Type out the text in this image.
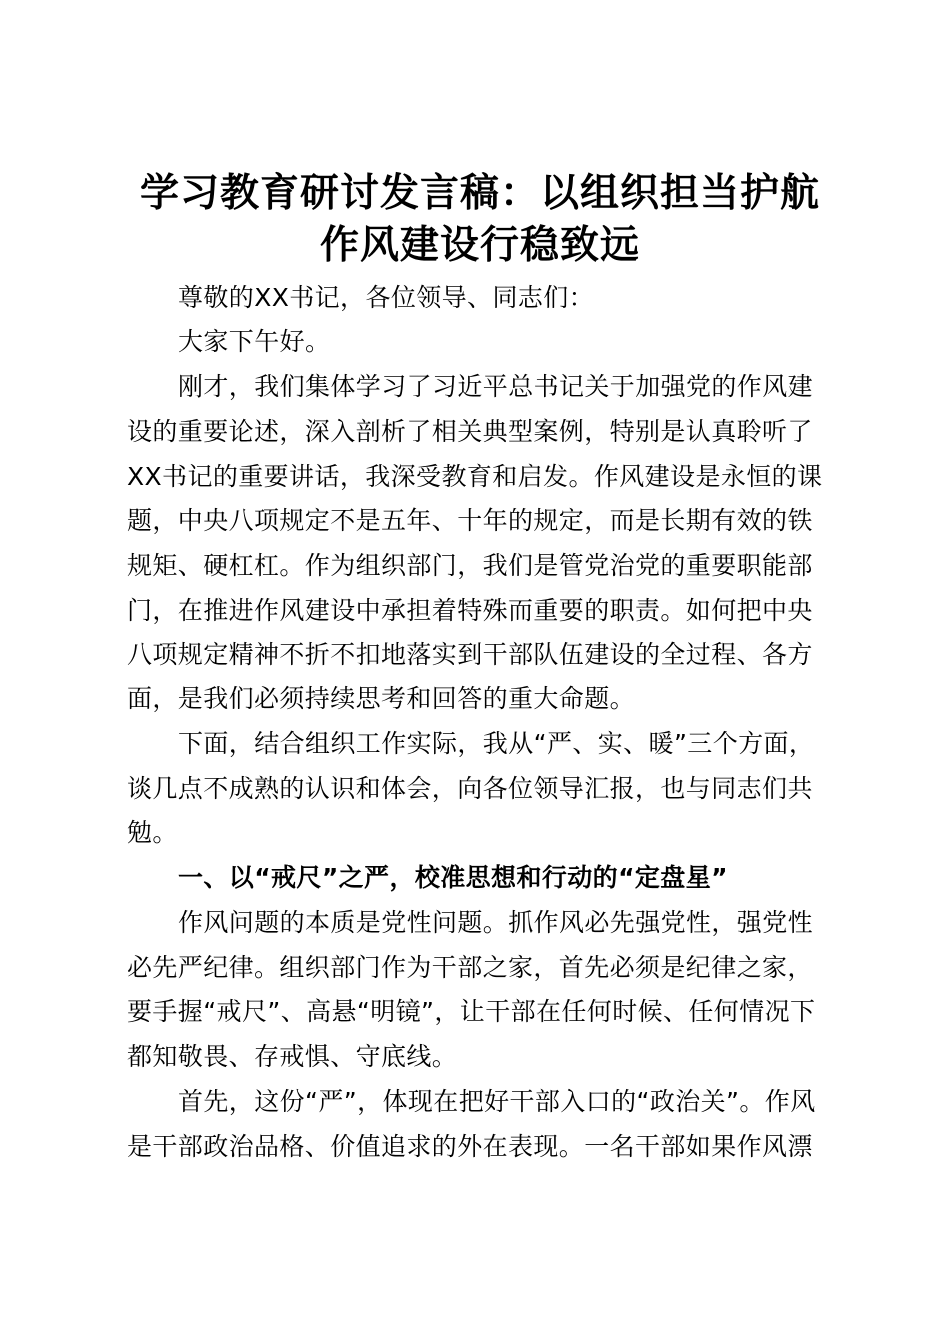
学习教育研讨发言稿：以组织担当护航
作风建设行稳致远
尊敬的XX书记，各位领导、同志们：
大家下午好。
刚才，我们集体学习了习近平总书记关于加强党的作风建
设的重要论述，深入剖析了相关典型案例，特别是认真聆听了
XX书记的重要讲话，我深受教育和启发。作风建设是永恒的课
题，中央八项规定不是五年、十年的规定，而是长期有效的铁
规矩、硬杠杠。作为组织部门，我们是管党治党的重要职能部
门，在推进作风建设中承担着特殊而重要的职责。如何把中央
八项规定精神不折不扣地落实到干部队伍建设的全过程、各方
面，是我们必须持续思考和回答的重大命题。
下面，结合组织工作实际，我从“严、实、暖”三个方面，
谈几点不成熟的认识和体会，向各位领导汇报，也与同志们共
勉。
一、以“戒尺”之严，校准思想和行动的“定盘星”
作风问题的本质是党性问题。抓作风必先强党性，强党性
必先严纪律。组织部门作为干部之家，首先必须是纪律之家，
要手握“戒尺”、高悬“明镜”，让干部在任何时候、任何情况下
都知敬畏、存戒惧、守底线。
首先，这份“严”，体现在把好干部入口的“政治关”。作风
是干部政治品格、价值追求的外在表现。一名干部如果作风漂
